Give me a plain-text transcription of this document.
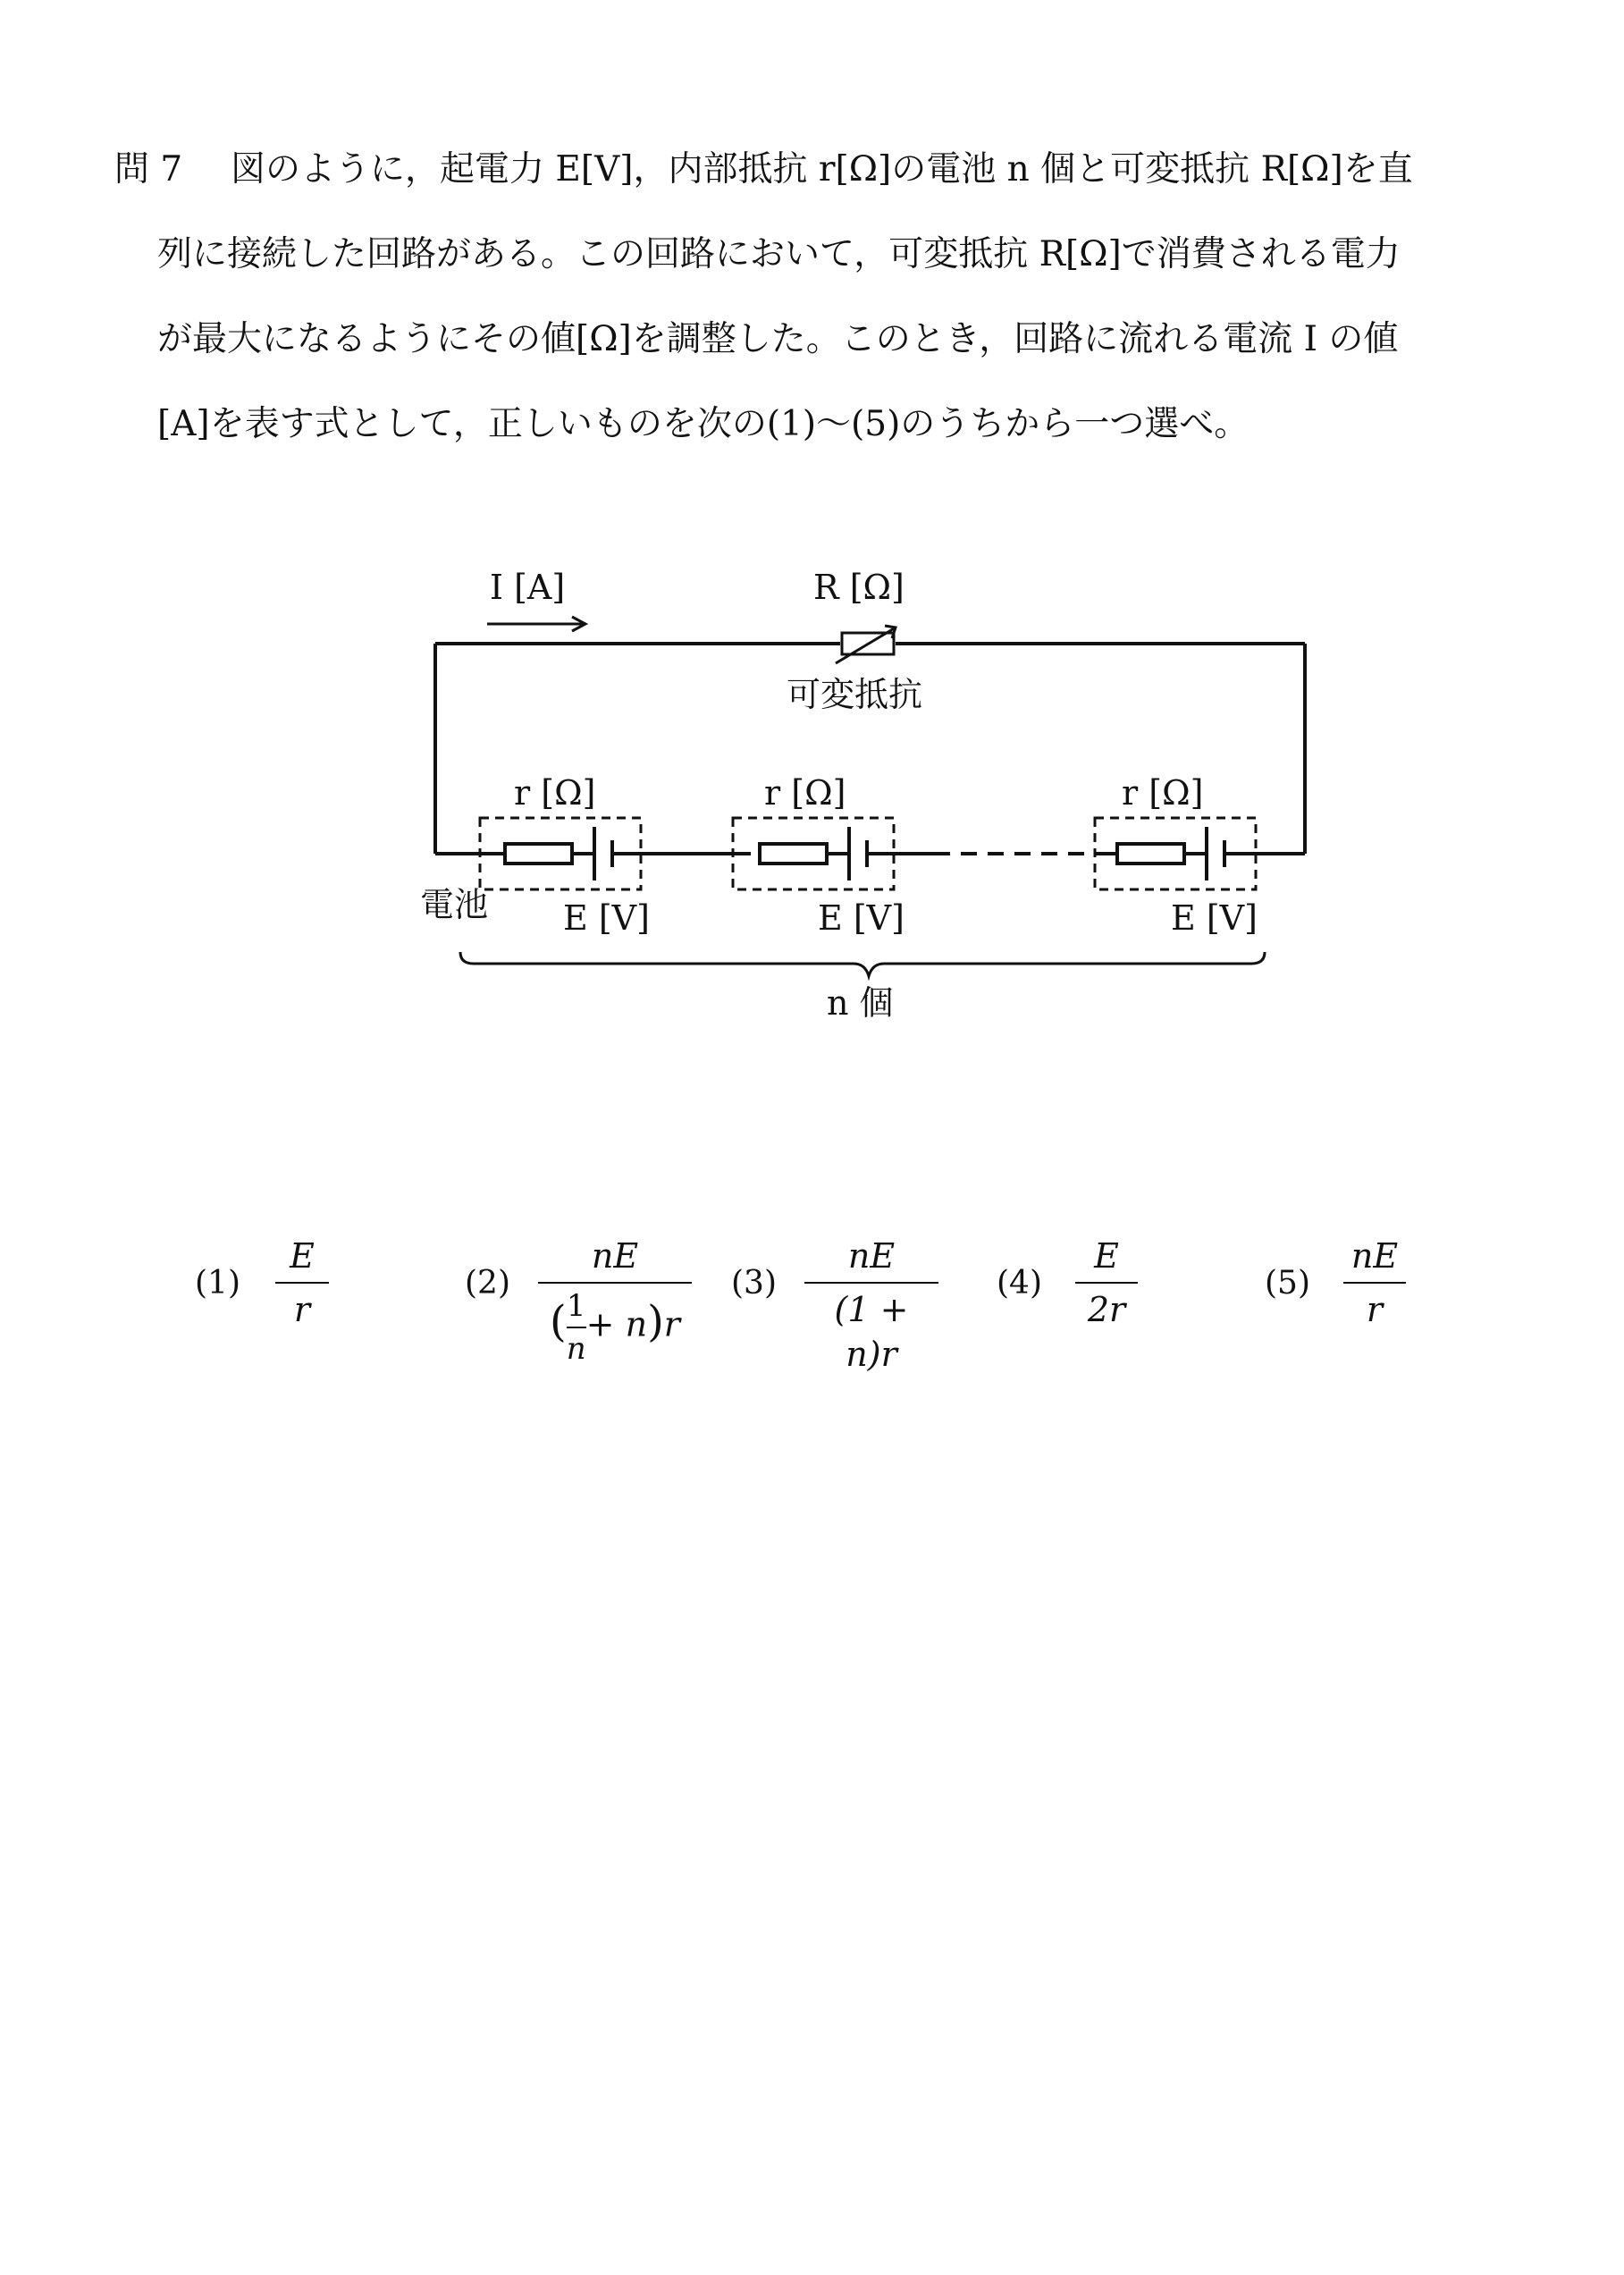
問 7 図のように，起電力 E[V]，内部抵抗 r[Ω]の電池 n 個と可変抵抗 R[Ω]を直
列に接続した回路がある。この回路において，可変抵抗 R[Ω]で消費される電力
が最大になるようにその値[Ω]を調整した。このとき，回路に流れる電流 I の値
[A]を表す式として，正しいものを次の(1)～(5)のうちから一つ選べ。
I [A]	R [Ω]
可変抵抗
r [Ω]	r [Ω]	r [Ω]
電池 E [V]	E [V]	E [V]
n 個
(1)
E
r
(2)
nE
$(\frac{1}{n}+ n)r$
(3)
nE
(1 + n)r
(4)
E
2r
(5)
nE
r
